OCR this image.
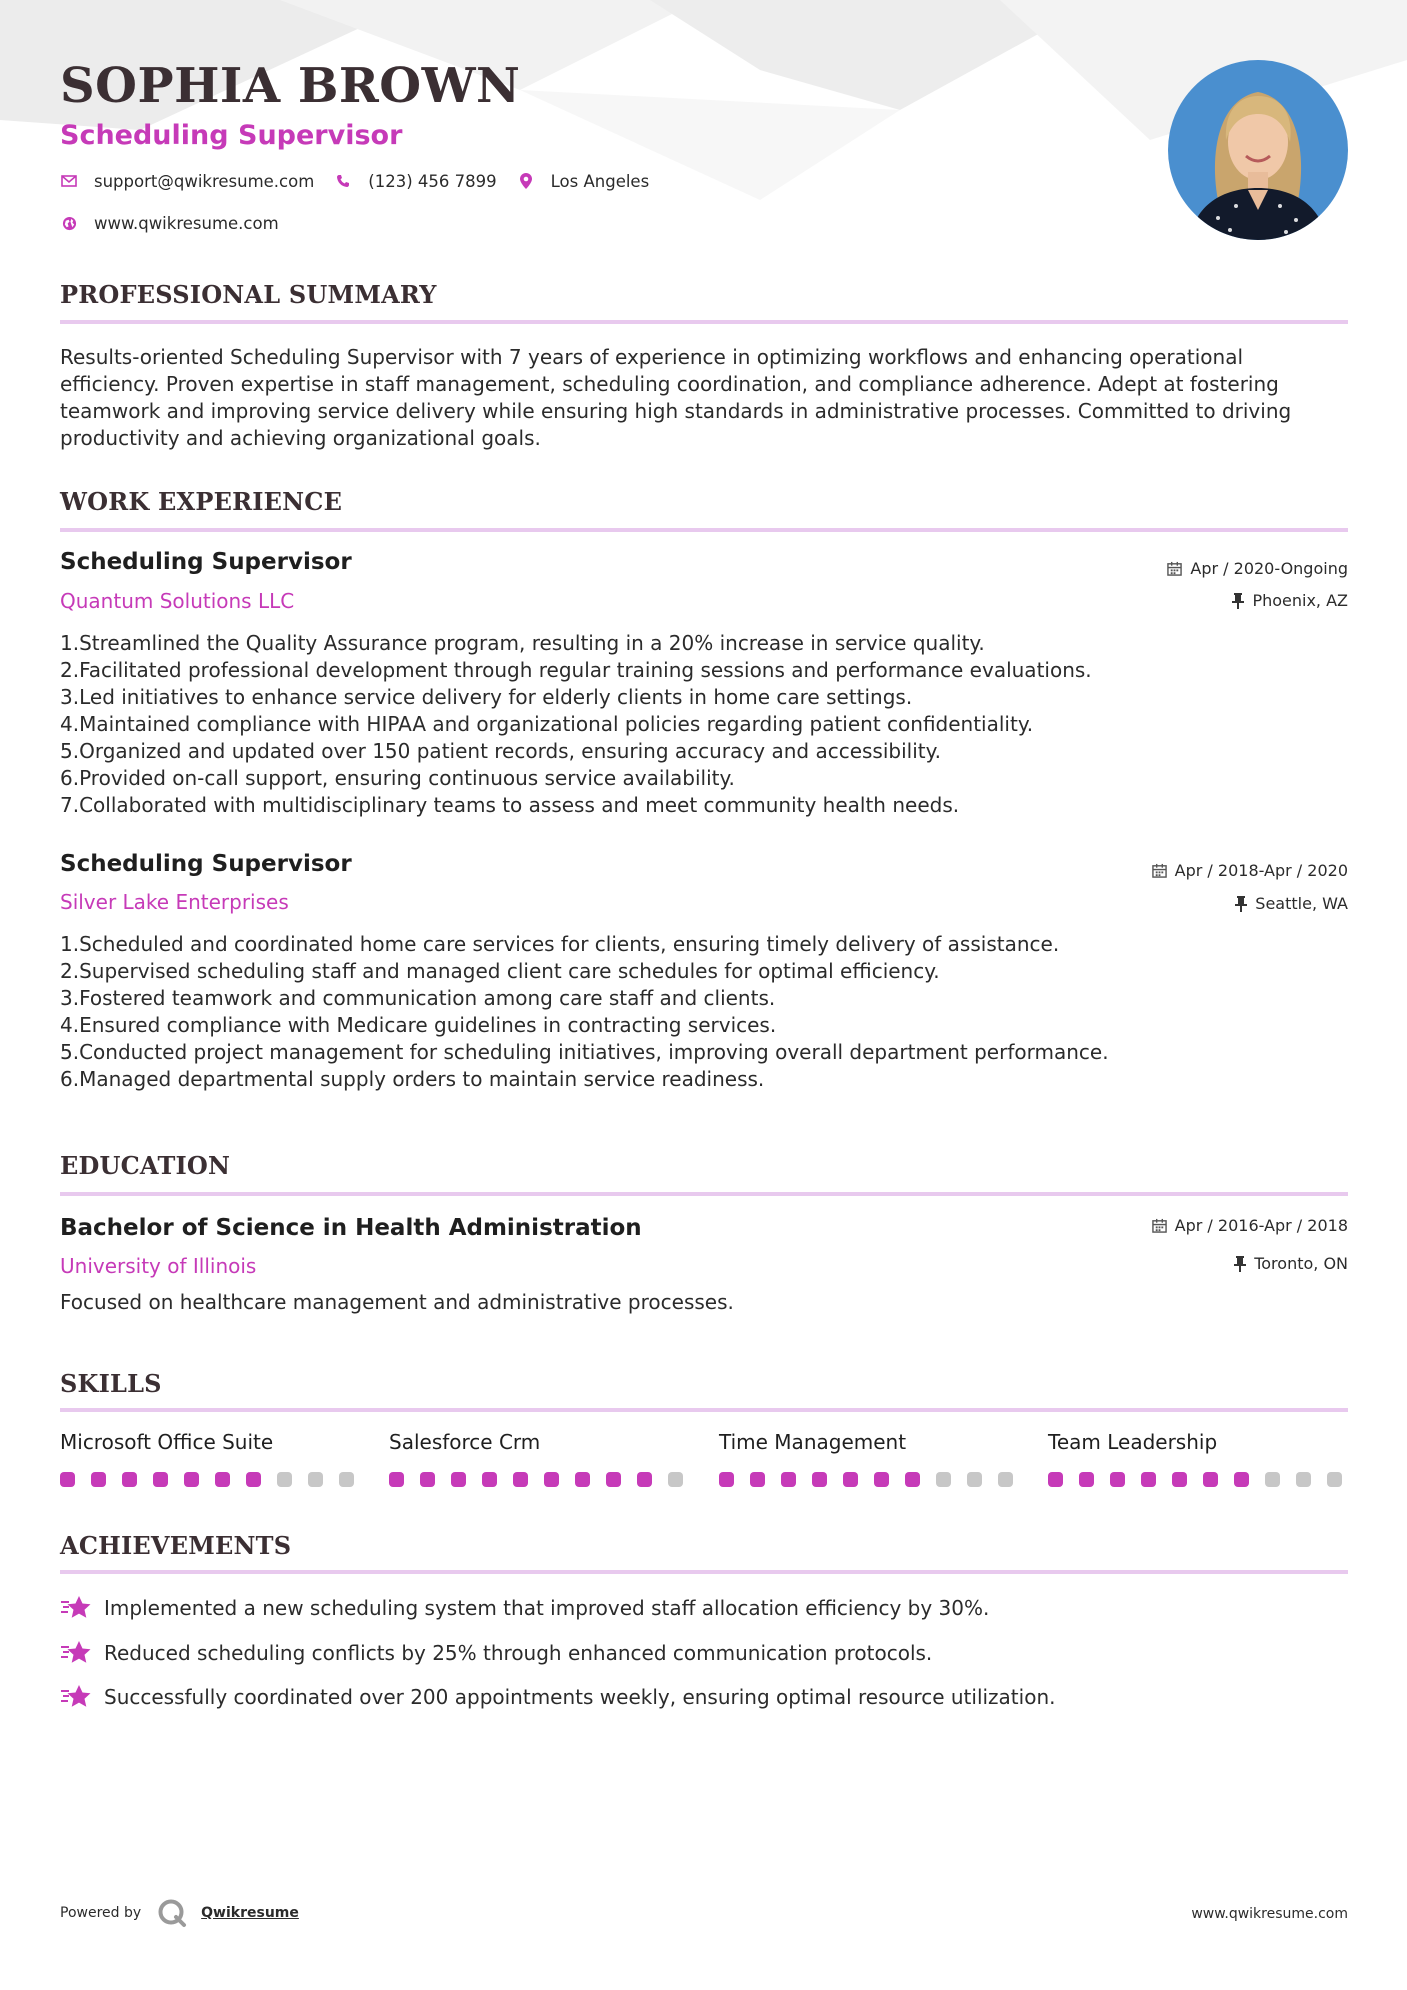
SOPHIA BROWN
Scheduling Supervisor
support@qwikresume.com	(123) 456 7899	Los Angeles
www.qwikresume.com
PROFESSIONAL SUMMARY

Results-oriented Scheduling Supervisor with 7 years of experience in optimizing workflows and enhancing operational efficiency. Proven expertise in staff management, scheduling coordination, and compliance adherence. Adept at fostering teamwork and improving service delivery while ensuring high standards in administrative processes. Committed to driving productivity and achieving organizational goals.

WORK EXPERIENCE
Scheduling Supervisor
Quantum Solutions LLC
Apr / 2020-Ongoing
Phoenix, AZ
1. Streamlined the Quality Assurance program, resulting in a 20% increase in service quality.
2. Facilitated professional development through regular training sessions and performance evaluations.
3. Led initiatives to enhance service delivery for elderly clients in home care settings.
4. Maintained compliance with HIPAA and organizational policies regarding patient confidentiality.
5. Organized and updated over 150 patient records, ensuring accuracy and accessibility.
6. Provided on-call support, ensuring continuous service availability.
7. Collaborated with multidisciplinary teams to assess and meet community health needs.
Scheduling Supervisor
Silver Lake Enterprises
Apr / 2018-Apr / 2020
Seattle, WA
1. Scheduled and coordinated home care services for clients, ensuring timely delivery of assistance.
2. Supervised scheduling staff and managed client care schedules for optimal efficiency.
3. Fostered teamwork and communication among care staff and clients.
4. Ensured compliance with Medicare guidelines in contracting services.
5. Conducted project management for scheduling initiatives, improving overall department performance.
6. Managed departmental supply orders to maintain service readiness.
EDUCATION
Bachelor of Science in Health Administration
University of Illinois
Apr / 2016-Apr / 2018
Toronto, ON

Focused on healthcare management and administrative processes.

SKILLS
Microsoft Office Suite	Salesforce Crm	Time Management	Team Leadership
ACHIEVEMENTS
Implemented a new scheduling system that improved staff allocation efficiency by 30%.
Reduced scheduling conflicts by 25% through enhanced communication protocols.
Successfully coordinated over 200 appointments weekly, ensuring optimal resource utilization.
Powered by	Qwikresume	www.qwikresume.com
